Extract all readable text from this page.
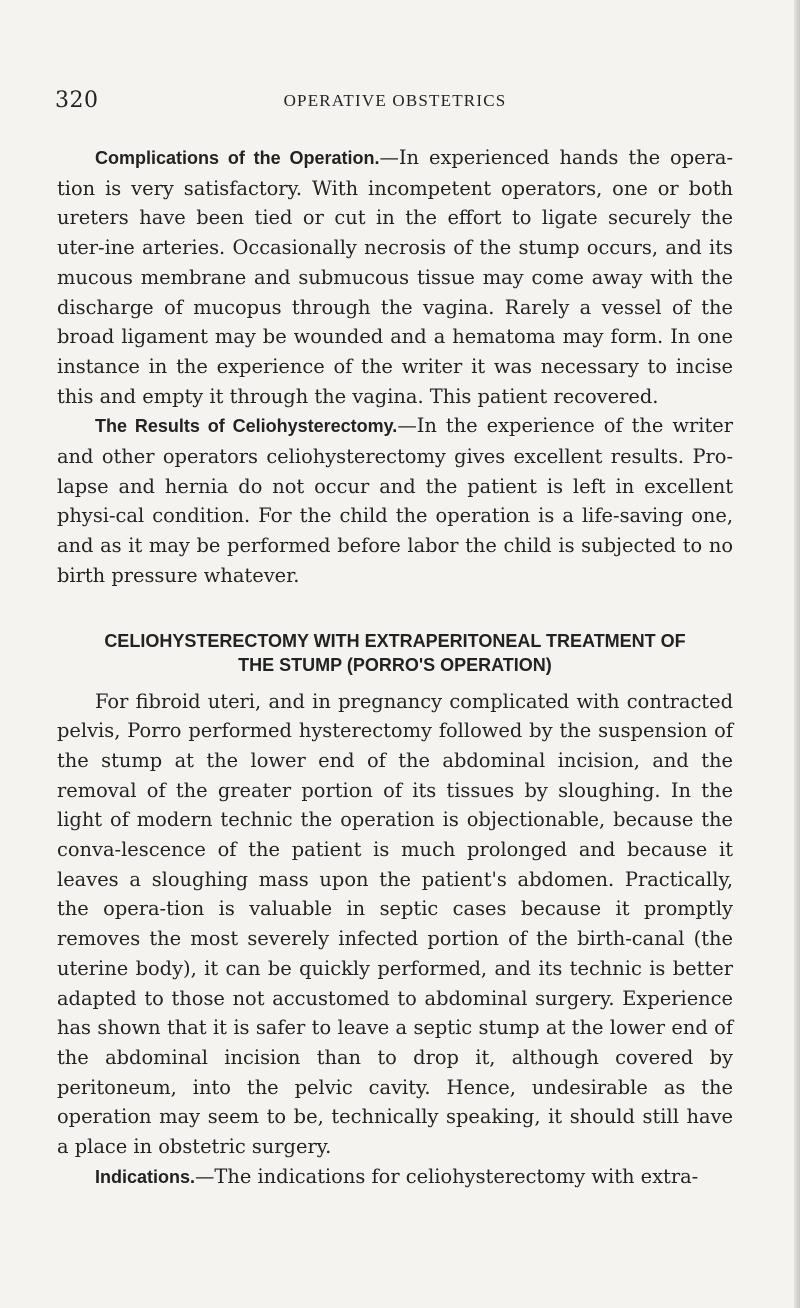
320	OPERATIVE OBSTETRICS

Complications of the Operation.—In experienced hands the opera-tion is very satisfactory. With incompetent operators, one or both ureters have been tied or cut in the effort to ligate securely the uter-ine arteries. Occasionally necrosis of the stump occurs, and its mucous membrane and submucous tissue may come away with the discharge of mucopus through the vagina. Rarely a vessel of the broad ligament may be wounded and a hematoma may form. In one instance in the experience of the writer it was necessary to incise this and empty it through the vagina. This patient recovered.

The Results of Celiohysterectomy.—In the experience of the writer and other operators celiohysterectomy gives excellent results. Pro-lapse and hernia do not occur and the patient is left in excellent physi-cal condition. For the child the operation is a life-saving one, and as it may be performed before labor the child is subjected to no birth pressure whatever.

CELIOHYSTERECTOMY WITH EXTRAPERITONEAL TREATMENT OF
THE STUMP (PORRO'S OPERATION)

For fibroid uteri, and in pregnancy complicated with contracted pelvis, Porro performed hysterectomy followed by the suspension of the stump at the lower end of the abdominal incision, and the removal of the greater portion of its tissues by sloughing. In the light of modern technic the operation is objectionable, because the conva-lescence of the patient is much prolonged and because it leaves a sloughing mass upon the patient's abdomen. Practically, the opera-tion is valuable in septic cases because it promptly removes the most severely infected portion of the birth-canal (the uterine body), it can be quickly performed, and its technic is better adapted to those not accustomed to abdominal surgery. Experience has shown that it is safer to leave a septic stump at the lower end of the abdominal incision than to drop it, although covered by peritoneum, into the pelvic cavity. Hence, undesirable as the operation may seem to be, technically speaking, it should still have a place in obstetric surgery.

Indications.—The indications for celiohysterectomy with extra-
